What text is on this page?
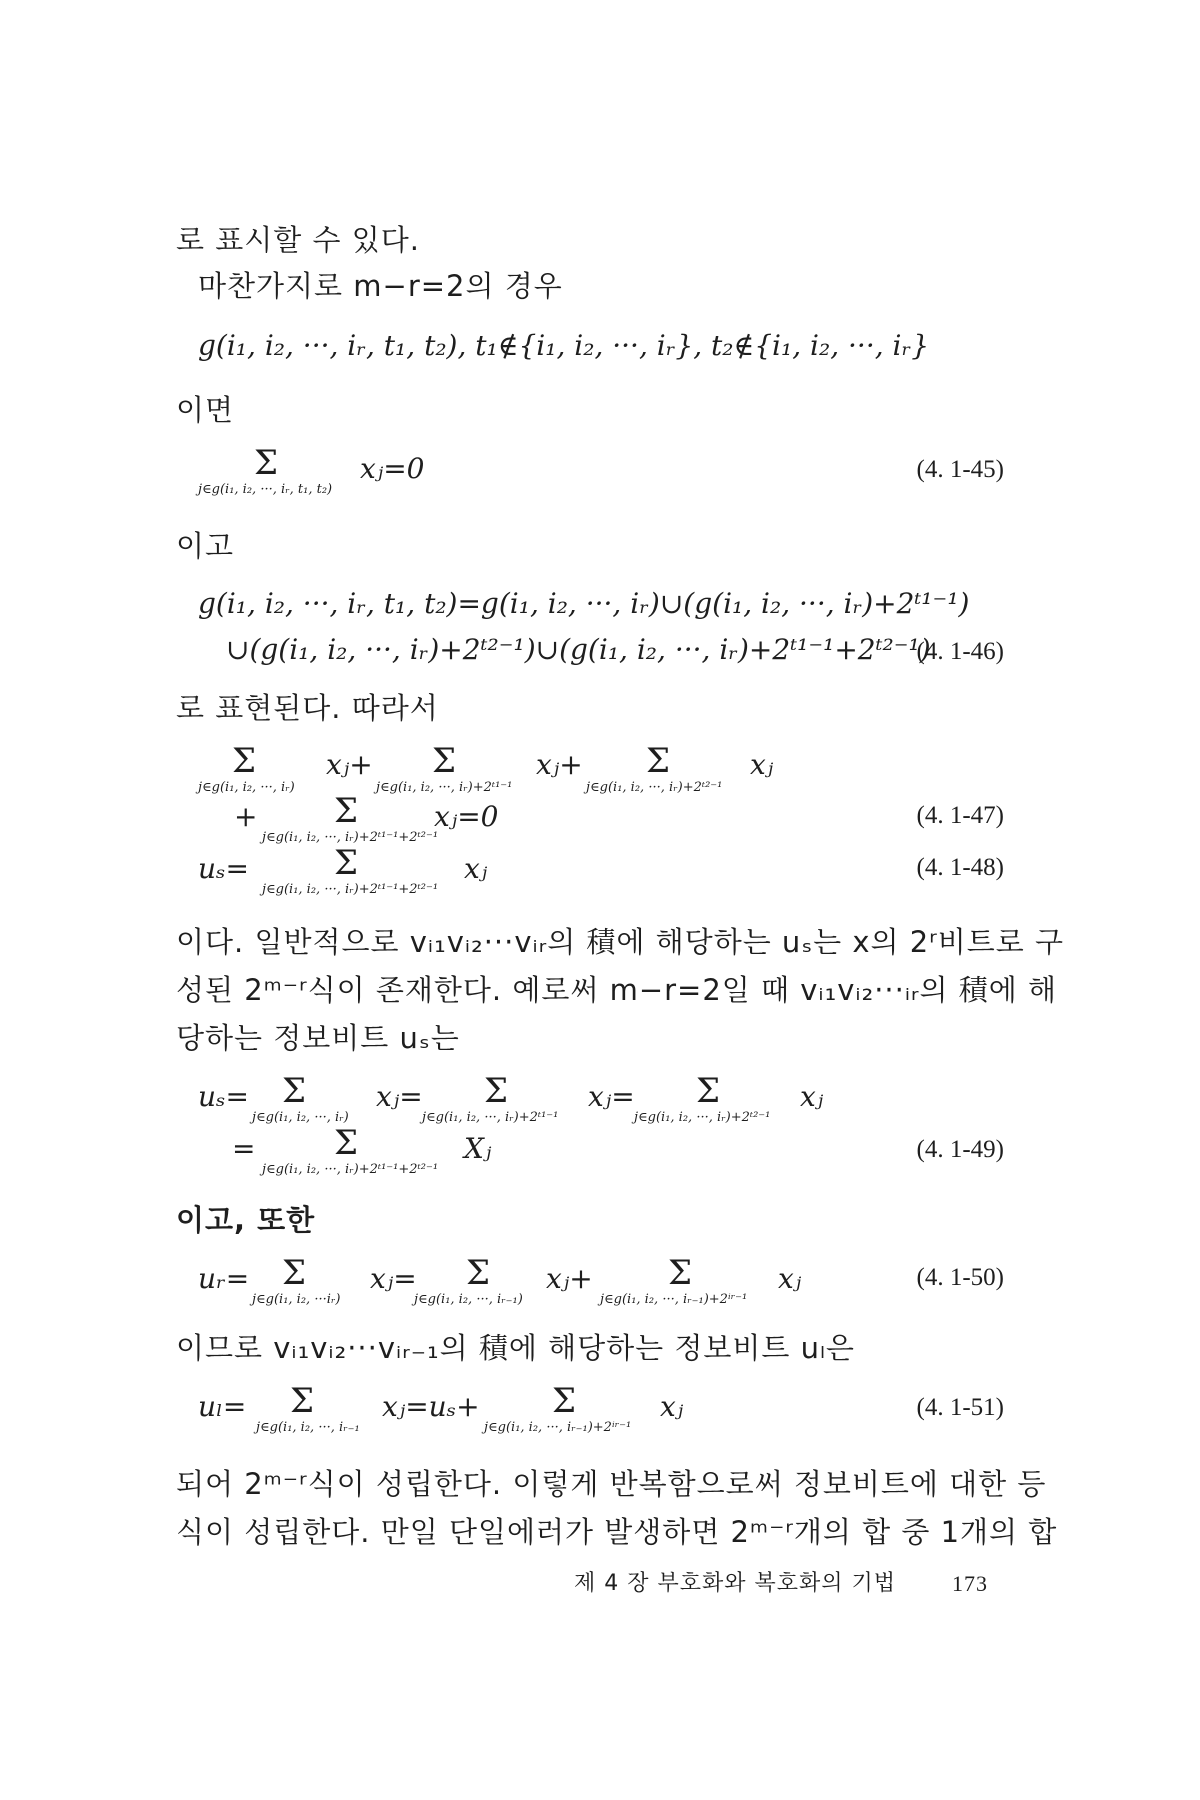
로 표시할 수 있다.
마찬가지로 m−r=2의 경우
g(i₁, i₂, ···, iᵣ, t₁, t₂), t₁∉{i₁, i₂, ···, iᵣ}, t₂∉{i₁, i₂, ···, iᵣ}
이면
Σ
j∈g(i₁, i₂, ···, iᵣ, t₁, t₂)
xⱼ=0	(4. 1-45)
이고
g(i₁, i₂, ···, iᵣ, t₁, t₂)=g(i₁, i₂, ···, iᵣ)∪(g(i₁, i₂, ···, iᵣ)+2ᵗ¹⁻¹)
∪(g(i₁, i₂, ···, iᵣ)+2ᵗ²⁻¹)∪(g(i₁, i₂, ···, iᵣ)+2ᵗ¹⁻¹+2ᵗ²⁻¹)
(4. 1-46)
로 표현된다. 따라서
Σ
j∈g(i₁, i₂, ···, iᵣ)
xⱼ+ Σ
j∈g(i₁, i₂, ···, iᵣ)+2ᵗ¹⁻¹
xⱼ+ Σ
j∈g(i₁, i₂, ···, iᵣ)+2ᵗ²⁻¹
xⱼ
+ Σ
j∈g(i₁, i₂, ···, iᵣ)+2ᵗ¹⁻¹+2ᵗ²⁻¹
xⱼ=0	(4. 1-47)
uₛ=	Σ
j∈g(i₁, i₂, ···, iᵣ)+2ᵗ¹⁻¹+2ᵗ²⁻¹
xⱼ	(4. 1-48)
이다. 일반적으로 vᵢ₁vᵢ₂···vᵢᵣ의 積에 해당하는 uₛ는 x의 2ʳ비트로 구
성된 2ᵐ⁻ʳ식이 존재한다. 예로써 m−r=2일 때 vᵢ₁vᵢ₂···ᵢᵣ의 積에 해
당하는 정보비트 uₛ는
uₛ= Σ
j∈g(i₁, i₂, ···, iᵣ)
xⱼ= Σ
j∈g(i₁, i₂, ···, iᵣ)+2ᵗ¹⁻¹
xⱼ= Σ
j∈g(i₁, i₂, ···, iᵣ)+2ᵗ²⁻¹
xⱼ
= Σ
j∈g(i₁, i₂, ···, iᵣ)+2ᵗ¹⁻¹+2ᵗ²⁻¹
Xⱼ	(4. 1-49)
이고, 또한
uᵣ= Σ
j∈g(i₁, i₂, ···iᵣ)
xⱼ= Σ
j∈g(i₁, i₂, ···, iᵣ₋₁)
xⱼ+ Σ
j∈g(i₁, i₂, ···, iᵣ₋₁)+2ⁱʳ⁻¹
xⱼ	(4. 1-50)
이므로 vᵢ₁vᵢ₂···vᵢᵣ₋₁의 積에 해당하는 정보비트 uₗ은
uₗ= Σ
j∈g(i₁, i₂, ···, iᵣ₋₁
xⱼ=uₛ+ Σ
j∈g(i₁, i₂, ···, iᵣ₋₁)+2ⁱʳ⁻¹
xⱼ	(4. 1-51)
되어 2ᵐ⁻ʳ식이 성립한다. 이렇게 반복함으로써 정보비트에 대한 등
식이 성립한다. 만일 단일에러가 발생하면 2ᵐ⁻ʳ개의 합 중 1개의 합
제 4 장 부호화와 복호화의 기법	173
